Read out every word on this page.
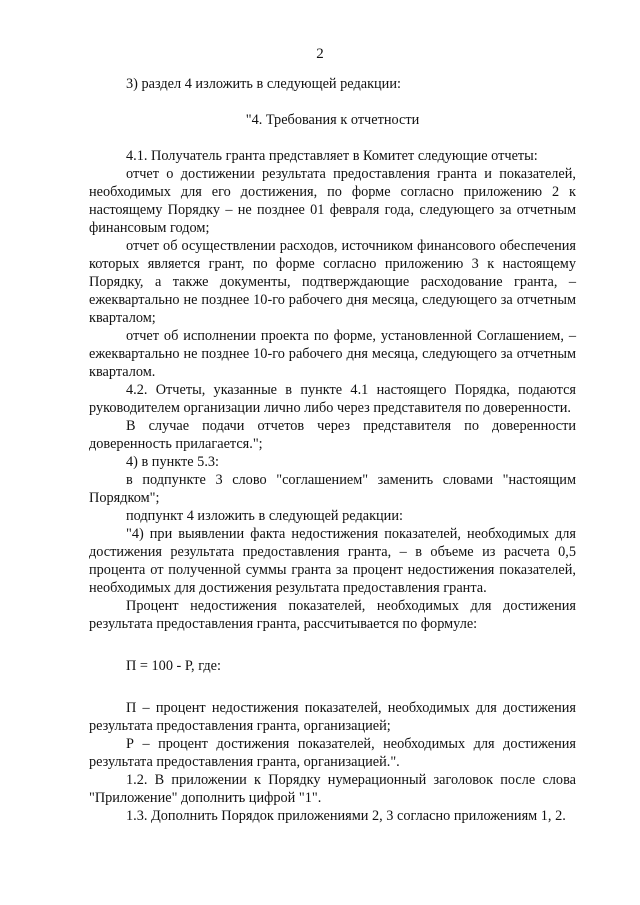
2

3) раздел 4 изложить в следующей редакции:

"4. Требования к отчетности

4.1. Получатель гранта представляет в Комитет следующие отчеты:

отчет о достижении результата предоставления гранта и показателей, необходимых для его достижения, по форме согласно приложению 2 к настоящему Порядку – не позднее 01 февраля года, следующего за отчетным финансовым годом;

отчет об осуществлении расходов, источником финансового обеспечения которых является грант, по форме согласно приложению 3 к настоящему Порядку, а также документы, подтверждающие расходование гранта, – ежеквартально не позднее 10-го рабочего дня месяца, следующего за отчетным кварталом;

отчет об исполнении проекта по форме, установленной Соглашением, – ежеквартально не позднее 10-го рабочего дня месяца, следующего за отчетным кварталом.

4.2. Отчеты, указанные в пункте 4.1 настоящего Порядка, подаются руководителем организации лично либо через представителя по доверенности.

В случае подачи отчетов через представителя по доверенности доверенность прилагается.";

4) в пункте 5.3:

в подпункте 3 слово "соглашением" заменить словами "настоящим Порядком";

подпункт 4 изложить в следующей редакции:

"4) при выявлении факта недостижения показателей, необходимых для достижения результата предоставления гранта, – в объеме из расчета 0,5 процента от полученной суммы гранта за процент недостижения показателей, необходимых для достижения результата предоставления гранта.

Процент недостижения показателей, необходимых для достижения результата предоставления гранта, рассчитывается по формуле:

П = 100 - Р, где:

П – процент недостижения показателей, необходимых для достижения результата предоставления гранта, организацией;

Р – процент достижения показателей, необходимых для достижения результата предоставления гранта, организацией.".

1.2. В приложении к Порядку нумерационный заголовок после слова "Приложение" дополнить цифрой "1".

1.3. Дополнить Порядок приложениями 2, 3 согласно приложениям 1, 2.
